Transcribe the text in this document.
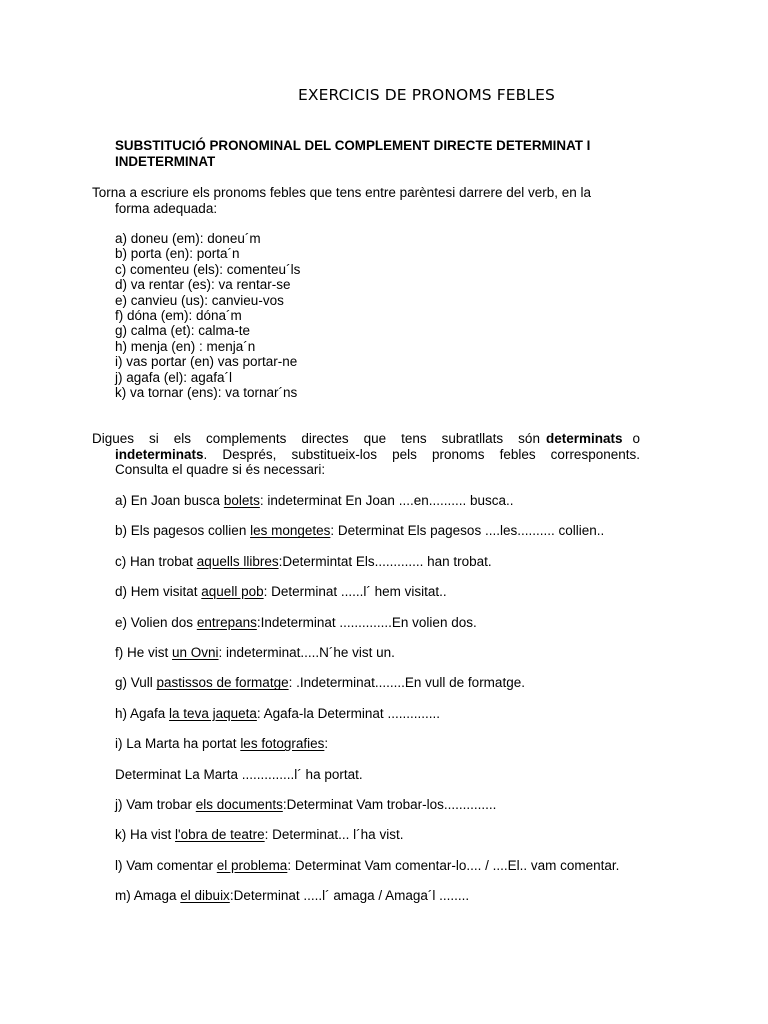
EXERCICIS DE PRONOMS FEBLES
SUBSTITUCIÓ PRONOMINAL DEL COMPLEMENT DIRECTE DETERMINAT I INDETERMINAT
Torna a escriure els pronoms febles que tens entre parèntesi darrere del verb, en la
forma adequada:
a) doneu (em): doneu´m
b) porta (en): porta´n
c) comenteu (els): comenteu´ls
d) va rentar (es): va rentar-se
e) canvieu (us): canvieu-vos
f) dóna (em): dóna´m
g) calma (et): calma-te
h) menja (en) : menja´n
i) vas portar (en) vas portar-ne
j) agafa (el): agafa´l
k) va tornar (ens): va tornar´ns
Digues si els complements directes que tens subratllats són determinats o
indeterminats . Després, substitueix-los pels pronoms febles corresponents.
Consulta el quadre si és necessari:
a) En Joan busca bolets: indeterminat En Joan ....en.......... busca..
b) Els pagesos collien les mongetes: Determinat Els pagesos ....les.......... collien..
c) Han trobat aquells llibres:Determintat Els............. han trobat.
d) Hem visitat aquell pob: Determinat ......l´ hem visitat..
e) Volien dos entrepans:Indeterminat ..............En volien dos.
f) He vist un Ovni: indeterminat.....N´he vist un.
g) Vull pastissos de formatge: .Indeterminat........En vull de formatge.
h) Agafa la teva jaqueta: Agafa-la Determinat ..............
i) La Marta ha portat les fotografies:
Determinat La Marta ..............l´ ha portat.
j) Vam trobar els documents:Determinat Vam trobar-los..............
k) Ha vist l'obra de teatre: Determinat... l´ha vist.
l) Vam comentar el problema: Determinat Vam comentar-lo.... / ....El.. vam comentar.
m) Amaga el dibuix:Determinat .....l´ amaga / Amaga´l ........
